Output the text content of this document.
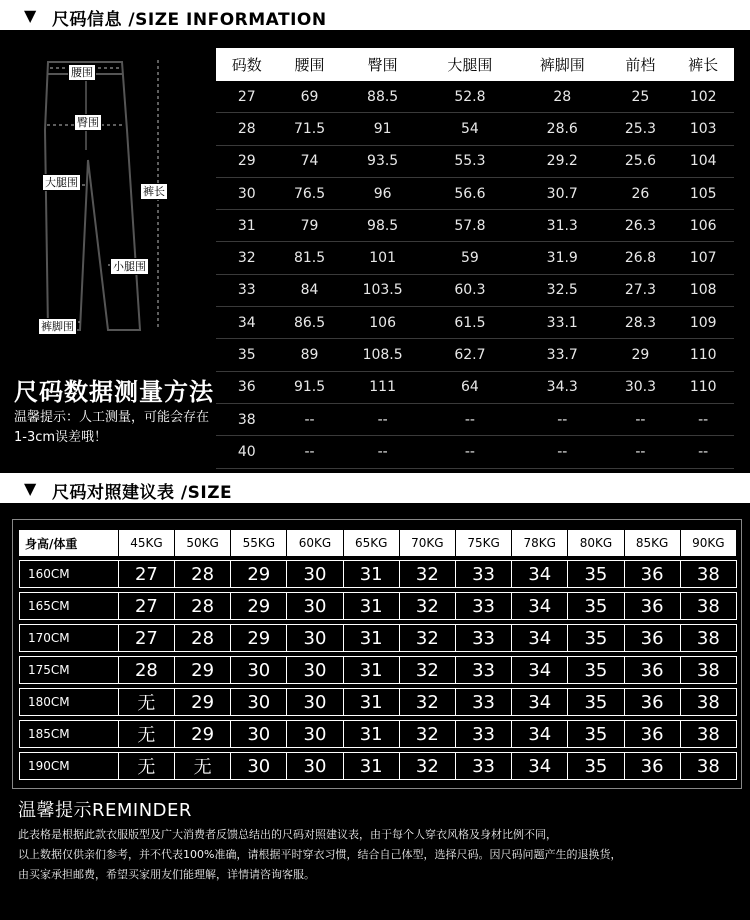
▼ 尺码信息 /SIZE INFORMATION
腰围
臀围
大腿围
裤长
小腿围
裤脚围
尺码数据测量方法
温馨提示：人工测量，可能会存在1-3cm误差哦！
码数	腰围	臀围	大腿围	裤脚围	前档	裤长
27	69	88.5	52.8	28	25	102
28	71.5	91	54	28.6	25.3	103
29	74	93.5	55.3	29.2	25.6	104
30	76.5	96	56.6	30.7	26	105
31	79	98.5	57.8	31.3	26.3	106
32	81.5	101	59	31.9	26.8	107
33	84	103.5	60.3	32.5	27.3	108
34	86.5	106	61.5	33.1	28.3	109
35	89	108.5	62.7	33.7	29	110
36	91.5	111	64	34.3	30.3	110
38	--	--	--	--	--	--
40	--	--	--	--	--	--
▼ 尺码对照建议表 /SIZE
身高/体重	45KG	50KG	55KG	60KG	65KG	70KG	75KG	78KG	80KG	85KG	90KG
160CM	27	28	29	30	31	32	33	34	35	36	38
165CM	27	28	29	30	31	32	33	34	35	36	38
170CM	27	28	29	30	31	32	33	34	35	36	38
175CM	28	29	30	30	31	32	33	34	35	36	38
180CM	无	29	30	30	31	32	33	34	35	36	38
185CM	无	29	30	30	31	32	33	34	35	36	38
190CM	无	无	30	30	31	32	33	34	35	36	38
温馨提示REMINDER
此表格是根据此款衣服版型及广大消费者反馈总结出的尺码对照建议表，由于每个人穿衣风格及身材比例不同，
以上数据仅供亲们参考，并不代表100%准确，请根据平时穿衣习惯，结合自己体型，选择尺码。因尺码问题产生的退换货，
由买家承担邮费，希望买家朋友们能理解，详情请咨询客服。
